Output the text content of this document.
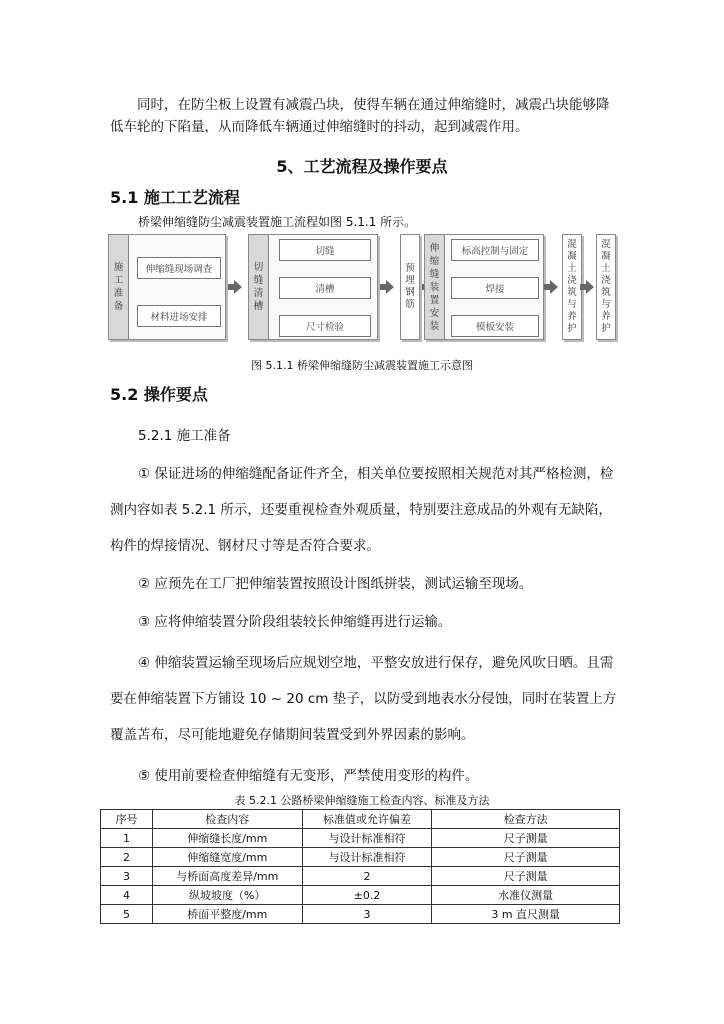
同时，在防尘板上设置有减震凸块，使得车辆在通过伸缩缝时，减震凸块能够降低车轮的下陷量，从而降低车辆通过伸缩缝时的抖动，起到减震作用。

5、工艺流程及操作要点
5.1 施工工艺流程

桥梁伸缩缝防尘减震装置施工流程如图 5.1.1 所示。

施工准备
伸缩缝现场调查
材料进场安排
切缝清槽
切缝
清槽
尺寸检验
预埋钢筋
伸缩缝装置安装
标高控制与固定
焊接
模板安装
混凝土浇筑与养护
混凝土浇筑与养护

图 5.1.1 桥梁伸缩缝防尘减震装置施工示意图

5.2 操作要点

5.2.1 施工准备

① 保证进场的伸缩缝配备证件齐全，相关单位要按照相关规范对其严格检测，检测内容如表 5.2.1 所示，还要重视检查外观质量，特别要注意成品的外观有无缺陷，构件的焊接情况、钢材尺寸等是否符合要求。

② 应预先在工厂把伸缩装置按照设计图纸拼装，测试运输至现场。

③ 应将伸缩装置分阶段组装较长伸缩缝再进行运输。

④ 伸缩装置运输至现场后应规划空地，平整安放进行保存，避免风吹日晒。且需要在伸缩装置下方铺设 10 ~ 20 cm 垫子，以防受到地表水分侵蚀，同时在装置上方覆盖苫布，尽可能地避免存储期间装置受到外界因素的影响。

⑤ 使用前要检查伸缩缝有无变形，严禁使用变形的构件。

表 5.2.1 公路桥梁伸缩缝施工检查内容、标准及方法

序号	检查内容	标准值或允许偏差	检查方法
1	伸缩缝长度/mm	与设计标准相符	尺子测量
2	伸缩缝宽度/mm	与设计标准相符	尺子测量
3	与桥面高度差异/mm	2	尺子测量
4	纵坡坡度（%）	±0.2	水准仪测量
5	桥面平整度/mm	3	3 m 直尺测量
